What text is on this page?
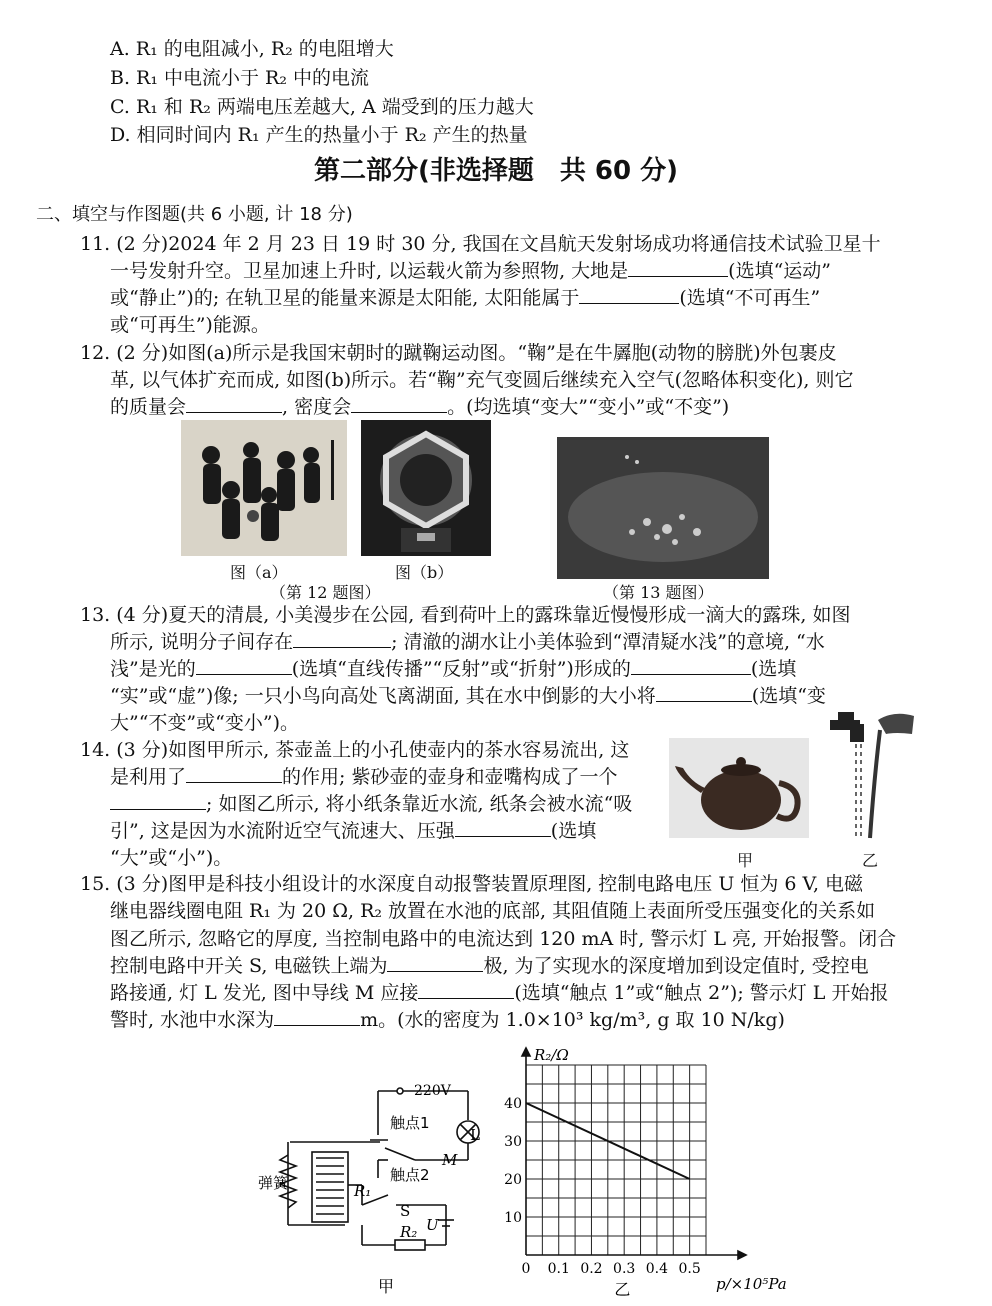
A. R₁ 的电阻减小, R₂ 的电阻增大
B. R₁ 中电流小于 R₂ 中的电流
C. R₁ 和 R₂ 两端电压差越大, A 端受到的压力越大
D. 相同时间内 R₁ 产生的热量小于 R₂ 产生的热量
第二部分(非选择题　共 60 分)
二、填空与作图题(共 6 小题, 计 18 分)
11. (2 分)2024 年 2 月 23 日 19 时 30 分, 我国在文昌航天发射场成功将通信技术试验卫星十
一号发射升空。卫星加速上升时, 以运载火箭为参照物, 大地是	(选填“运动”
或“静止”)的; 在轨卫星的能量来源是太阳能, 太阳能属于	(选填“不可再生”
或“可再生”)能源。
12. (2 分)如图(a)所示是我国宋朝时的蹴鞠运动图。“鞠”是在牛羼胞(动物的膀胱)外包裹皮
革, 以气体扩充而成, 如图(b)所示。若“鞠”充气变圆后继续充入空气(忽略体积变化), 则它
的质量会	, 密度会	。(均选填“变大”“变小”或“不变”)
图（a）	图（b）
（第 12 题图）	（第 13 题图）
13. (4 分)夏天的清晨, 小美漫步在公园, 看到荷叶上的露珠靠近慢慢形成一滴大的露珠, 如图
所示, 说明分子间存在	; 清澈的湖水让小美体验到“潭清疑水浅”的意境, “水
浅”是光的	(选填“直线传播”“反射”或“折射”)形成的	(选填
“实”或“虚”)像; 一只小鸟向高处飞离湖面, 其在水中倒影的大小将	(选填“变
大”“不变”或“变小”)。
14. (3 分)如图甲所示, 茶壶盖上的小孔使壶内的茶水容易流出, 这
是利用了	的作用; 紫砂壶的壶身和壶嘴构成了一个
; 如图乙所示, 将小纸条靠近水流, 纸条会被水流“吸
引”, 这是因为水流附近空气流速大、压强	(选填
“大”或“小”)。	甲	乙
15. (3 分)图甲是科技小组设计的水深度自动报警装置原理图, 控制电路电压 U 恒为 6 V, 电磁
继电器线圈电阻 R₁ 为 20 Ω, R₂ 放置在水池的底部, 其阻值随上表面所受压强变化的关系如
图乙所示, 忽略它的厚度, 当控制电路中的电流达到 120 mA 时, 警示灯 L 亮, 开始报警。闭合
控制电路中开关 S, 电磁铁上端为	极, 为了实现水的深度增加到设定值时, 受控电
路接通, 灯 L 发光, 图中导线 M 应接	(选填“触点 1”或“触点 2”); 警示灯 L 开始报
警时, 水池中水深为	m。(水的密度为 1.0×10³ kg/m³, g 取 10 N/kg)
220V
触点1
触点2
L
M
弹簧	R₁
S
U
R₂
甲
0 0.1 0.2 0.3 0.4 0.5
10
20
30
40
R₂/Ω
p/×10⁵Pa
乙
